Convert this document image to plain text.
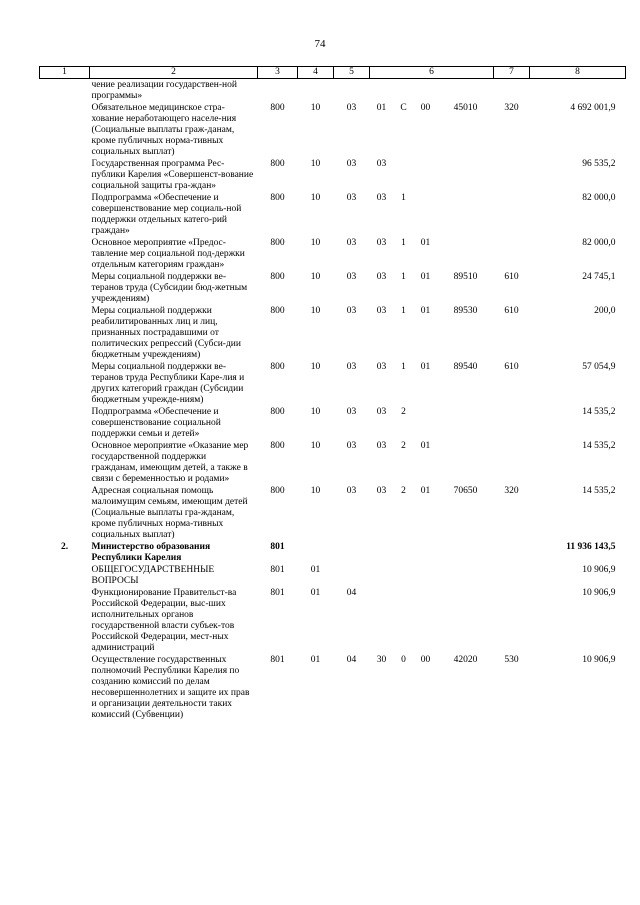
74
1	2	3	4	5	6				7	8
	чение реализации государствен-ной программы»									
	Обязательное медицинское стра-хование неработающего населе-ния (Социальные выплаты граж-данам, кроме публичных норма-тивных социальных выплат)	800	10	03	01	С	00	45010	320	4 692 001,9
	Государственная программа Рес-публики Карелия «Совершенст-вование социальной защиты гра-ждан»	800	10	03	03					96 535,2
	Подпрограмма «Обеспечение и совершенствование мер социаль-ной поддержки отдельных катего-рий граждан»	800	10	03	03	1				82 000,0
	Основное мероприятие «Предос-тавление мер социальной под-держки отдельным категориям граждан»	800	10	03	03	1	01			82 000,0
	Меры социальной поддержки ве-теранов труда (Субсидии бюд-жетным учреждениям)	800	10	03	03	1	01	89510	610	24 745,1
	Меры социальной поддержки реабилитированных лиц и лиц, признанных пострадавшими от политических репрессий (Субси-дии бюджетным учреждениям)	800	10	03	03	1	01	89530	610	200,0
	Меры социальной поддержки ве-теранов труда Республики Каре-лия и других категорий граждан (Субсидии бюджетным учрежде-ниям)	800	10	03	03	1	01	89540	610	57 054,9
	Подпрограмма «Обеспечение и совершенствование социальной поддержки семьи и детей»	800	10	03	03	2				14 535,2
	Основное мероприятие «Оказание мер государственной поддержки гражданам, имеющим детей, а также в связи с беременностью и родами»	800	10	03	03	2	01			14 535,2
	Адресная социальная помощь малоимущим семьям, имеющим детей (Социальные выплаты гра-жданам, кроме публичных норма-тивных социальных выплат)	800	10	03	03	2	01	70650	320	14 535,2
2.	Министерство образования Республики Карелия	801								11 936 143,5
	ОБЩЕГОСУДАРСТВЕННЫЕ ВОПРОСЫ	801	01							10 906,9
	Функционирование Правительст-ва Российской Федерации, выс-ших исполнительных органов государственной власти субъек-тов Российской Федерации, мест-ных администраций	801	01	04						10 906,9
	Осуществление государственных полномочий Республики Карелия по созданию комиссий по делам несовершеннолетних и защите их прав и организации деятельности таких комиссий (Субвенции)	801	01	04	30	0	00	42020	530	10 906,9
